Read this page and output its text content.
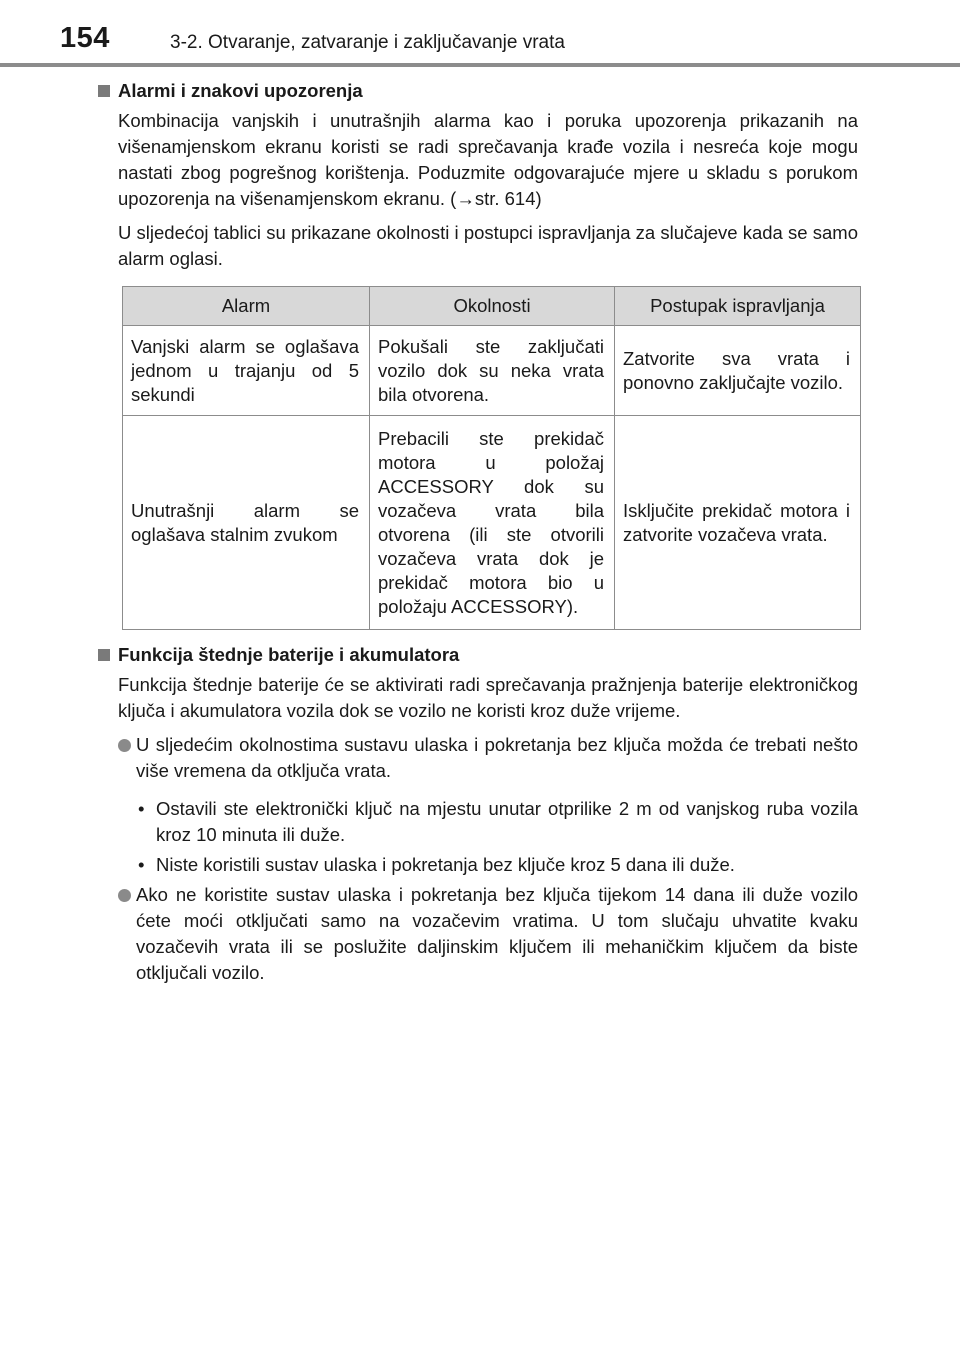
154	3-2. Otvaranje, zatvaranje i zaključavanje vrata
Alarmi i znakovi upozorenja

Kombinacija vanjskih i unutrašnjih alarma kao i poruka upozorenja prikazanih na višenamjenskom ekranu koristi se radi sprečavanja krađe vozila i nesreća koje mogu nastati zbog pogrešnog korištenja. Poduzmite odgovarajuće mjere u skladu s porukom upozorenja na višenamjenskom ekranu. (→str. 614)

U sljedećoj tablici su prikazane okolnosti i postupci ispravljanja za slučajeve kada se samo alarm oglasi.

Alarm	Okolnosti	Postupak ispravljanja
Vanjski alarm se oglašava jednom u trajanju od 5 sekundi	Pokušali ste zaključati vozilo dok su neka vrata bila otvorena.	Zatvorite sva vrata i ponovno zaključajte vozilo.
Unutrašnji alarm se oglašava stalnim zvukom	Prebacili ste prekidač motora u položaj ACCESSORY dok su vozačeva vrata bila otvorena (ili ste otvorili vozačeva vrata dok je prekidač motora bio u položaju ACCESSORY).	Isključite prekidač motora i zatvorite vozačeva vrata.
Funkcija štednje baterije i akumulatora

Funkcija štednje baterije će se aktivirati radi sprečavanja pražnjenja baterije elektroničkog ključa i akumulatora vozila dok se vozilo ne koristi kroz duže vrijeme.

U sljedećim okolnostima sustavu ulaska i pokretanja bez ključa možda će trebati nešto više vremena da otključa vrata.
• Ostavili ste elektronički ključ na mjestu unutar otprilike 2 m od vanjskog ruba vozila kroz 10 minuta ili duže.
• Niste koristili sustav ulaska i pokretanja bez ključe kroz 5 dana ili duže.
Ako ne koristite sustav ulaska i pokretanja bez ključa tijekom 14 dana ili duže vozilo ćete moći otključati samo na vozačevim vratima. U tom slučaju uhvatite kvaku vozačevih vrata ili se poslužite daljinskim ključem ili mehaničkim ključem da biste otključali vozilo.
